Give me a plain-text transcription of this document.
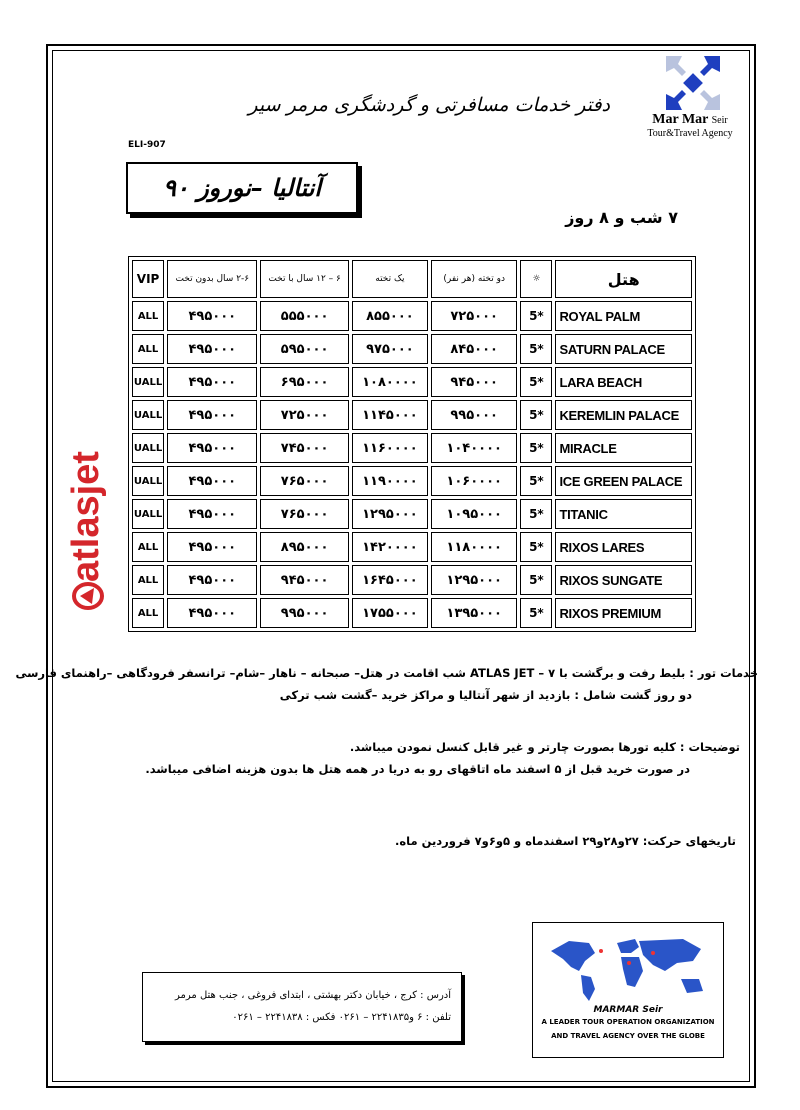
Mar Mar Seir
Tour&Travel Agency
دفتر خدمات مسافرتی و گردشگری مرمر سیر
ELI-907
آنتالیا –نوروز ۹۰
۷ شب و ۸ روز
atlasjet
VIP	۲-۶ سال بدون تخت	۶ – ۱۲ سال با تخت	یک تخته	دو تخته (هر نفر)	☼	هتل
ALL	۴۹۵۰۰۰	۵۵۵۰۰۰	۸۵۵۰۰۰	۷۲۵۰۰۰	5*	ROYAL PALM
ALL	۴۹۵۰۰۰	۵۹۵۰۰۰	۹۷۵۰۰۰	۸۴۵۰۰۰	5*	SATURN PALACE
UALL	۴۹۵۰۰۰	۶۹۵۰۰۰	۱۰۸۰۰۰۰	۹۴۵۰۰۰	5*	LARA BEACH
UALL	۴۹۵۰۰۰	۷۲۵۰۰۰	۱۱۴۵۰۰۰	۹۹۵۰۰۰	5*	KEREMLIN PALACE
UALL	۴۹۵۰۰۰	۷۴۵۰۰۰	۱۱۶۰۰۰۰	۱۰۴۰۰۰۰	5*	MIRACLE
UALL	۴۹۵۰۰۰	۷۶۵۰۰۰	۱۱۹۰۰۰۰	۱۰۶۰۰۰۰	5*	ICE GREEN PALACE
UALL	۴۹۵۰۰۰	۷۶۵۰۰۰	۱۲۹۵۰۰۰	۱۰۹۵۰۰۰	5*	TITANIC
ALL	۴۹۵۰۰۰	۸۹۵۰۰۰	۱۴۲۰۰۰۰	۱۱۸۰۰۰۰	5*	RIXOS LARES
ALL	۴۹۵۰۰۰	۹۴۵۰۰۰	۱۶۴۵۰۰۰	۱۲۹۵۰۰۰	5*	RIXOS SUNGATE
ALL	۴۹۵۰۰۰	۹۹۵۰۰۰	۱۷۵۵۰۰۰	۱۳۹۵۰۰۰	5*	RIXOS PREMIUM
خدمات تور : بلیط رفت و برگشت با ATLAS JET – ۷ شب اقامت در هتل– صبحانه – ناهار –شام– ترانسفر فرودگاهی –راهنمای فارسی
دو روز گشت شامل : بازدید از شهر آنتالیا و مراکز خرید –گشت شب ترکی
توضیحات : کلیه تورها بصورت چارتر و غیر قابل کنسل نمودن میباشد.
در صورت خرید قبل از ۵ اسفند ماه اتاقهای رو به دریا در همه هتل ها بدون هزینه اضافی میباشد.
تاریخهای حرکت: ۲۷و۲۸و۲۹ اسفندماه و ۵و۶و۷ فروردین ماه.
آدرس : کرج ، خیابان دکتر بهشتی ، ابتدای فروغی ، جنب هتل مرمر
تلفن : ۶ و۲۲۴۱۸۳۵ – ۰۲۶۱ فکس : ۲۲۴۱۸۳۸ – ۰۲۶۱
MARMAR Seir
A LEADER TOUR OPERATION ORGANIZATION
AND TRAVEL AGENCY OVER THE GLOBE
